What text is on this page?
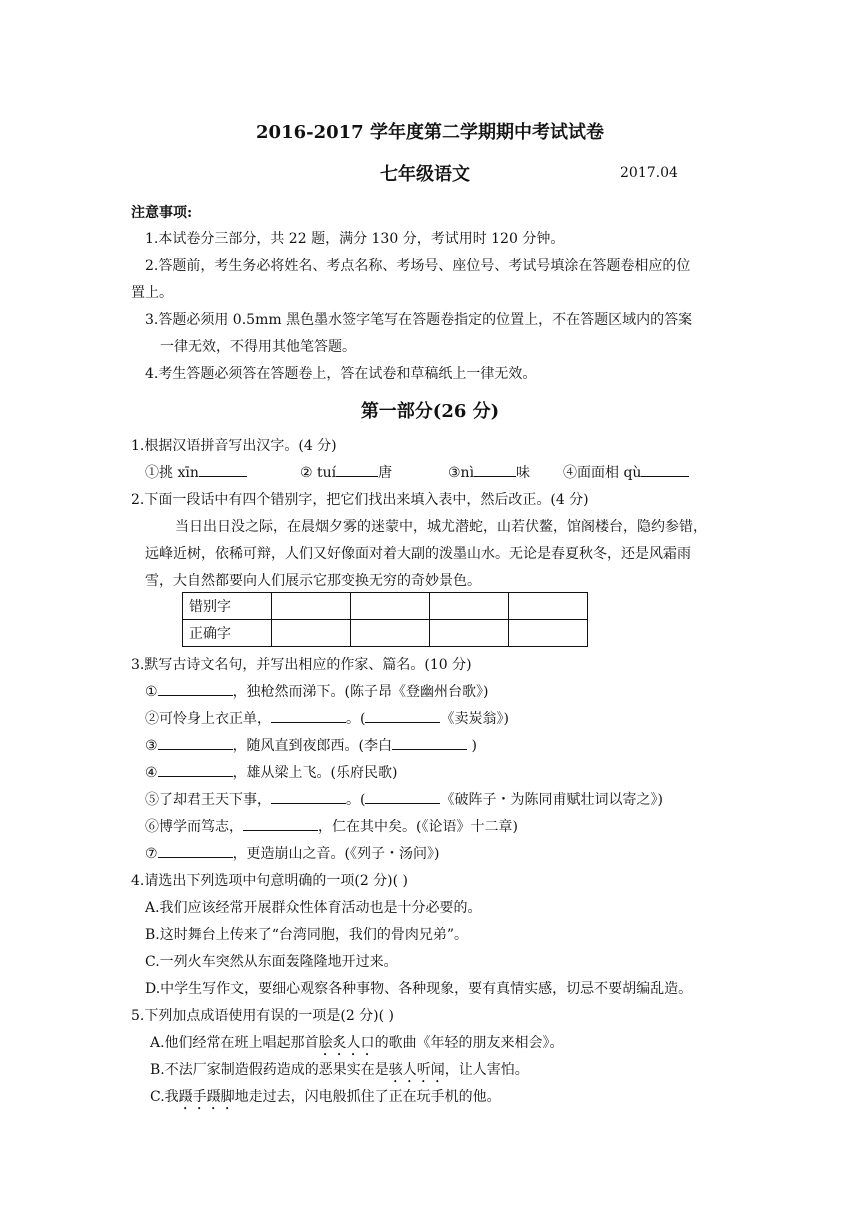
2016-2017 学年度第二学期期中考试试卷
七年级语文	2017.04
注意事项:
1.本试卷分三部分，共 22 题，满分 130 分，考试用时 120 分钟。
2.答题前，考生务必将姓名、考点名称、考场号、座位号、考试号填涂在答题卷相应的位
置上。
3.答题必须用 0.5mm 黑色墨水签字笔写在答题卷指定的位置上，不在答题区域内的答案
一律无效，不得用其他笔答题。
4.考生答题必须答在答题卷上，答在试卷和草稿纸上一律无效。
第一部分(26 分)
1.根据汉语拼音写出汉字。(4 分)
①挑 xīn	② tuí	唐	③nì	味 ④面面相 qù
2.下面一段话中有四个错别字，把它们找出来填入表中，然后改正。(4 分)
当日出日没之际，在晨烟夕雾的迷蒙中，城尤潜蛇，山若伏鳌，馆阁楼台，隐约参错，
远峰近树，依稀可辩，人们又好像面对着大副的泼墨山水。无论是春夏秋冬，还是风霜雨
雪，大自然都要向人们展示它那变换无穷的奇妙景色。
错别字				
正确字				
3.默写古诗文名句，并写出相应的作家、篇名。(10 分)
①	，独枪然而涕下。(陈子昂《登幽州台歌》)
②可怜身上衣正单，	。(	《卖炭翁》)
③	，随风直到夜郎西。(李白	)
④	，雄从梁上飞。(乐府民歌)
⑤了却君王天下事，	。(	《破阵子・为陈同甫赋壮词以寄之》)
⑥博学而笃志，	，仁在其中矣。(《论语》十二章)
⑦	，更造崩山之音。(《列子・汤问》)
4.请选出下列选项中句意明确的一项(2 分)( )
A.我们应该经常开展群众性体育活动也是十分必要的。
B.这时舞台上传来了“台湾同胞，我们的骨肉兄弟”。
C.一列火车突然从东面轰隆隆地开过来。
D.中学生写作文，要细心观察各种事物、各种现象，要有真情实感，切忌不要胡编乱造。
5.下列加点成语使用有误的一项是(2 分)( )
A.他们经常在班上唱起那首脍炙人口的歌曲《年轻的朋友来相会》。
B.不法厂家制造假药造成的恶果实在是骇人听闻，让人害怕。
C.我蹑手蹑脚地走过去，闪电般抓住了正在玩手机的他。
